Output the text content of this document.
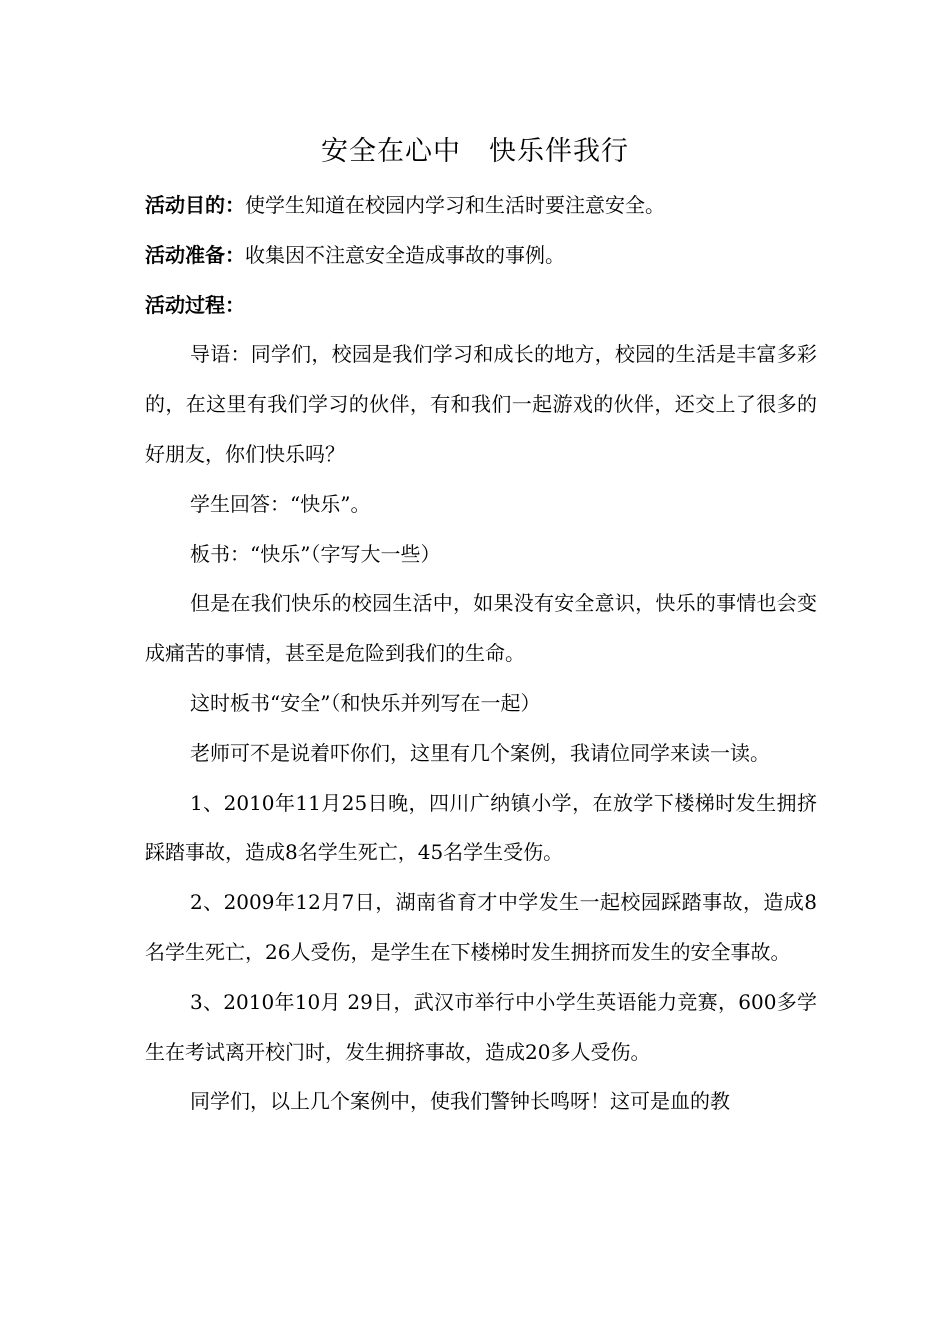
安全在心中　快乐伴我行

活动目的：使学生知道在校园内学习和生活时要注意安全。

活动准备：收集因不注意安全造成事故的事例。

活动过程：

导语：同学们，校园是我们学习和成长的地方，校园的生活是丰富多彩的，在这里有我们学习的伙伴，有和我们一起游戏的伙伴，还交上了很多的好朋友，你们快乐吗？

学生回答：“快乐”。

板书：“快乐”（字写大一些）

但是在我们快乐的校园生活中，如果没有安全意识，快乐的事情也会变成痛苦的事情，甚至是危险到我们的生命。

这时板书“安全”（和快乐并列写在一起）

老师可不是说着吓你们，这里有几个案例，我请位同学来读一读。

1、2010年11月25日晚，四川广纳镇小学，在放学下楼梯时发生拥挤踩踏事故，造成8名学生死亡，45名学生受伤。

2、2009年12月7日，湖南省育才中学发生一起校园踩踏事故，造成8名学生死亡，26人受伤，是学生在下楼梯时发生拥挤而发生的安全事故。

3、2010年10月 29日，武汉市举行中小学生英语能力竞赛，600多学生在考试离开校门时，发生拥挤事故，造成20多人受伤。

同学们，以上几个案例中，使我们警钟长鸣呀！这可是血的教
